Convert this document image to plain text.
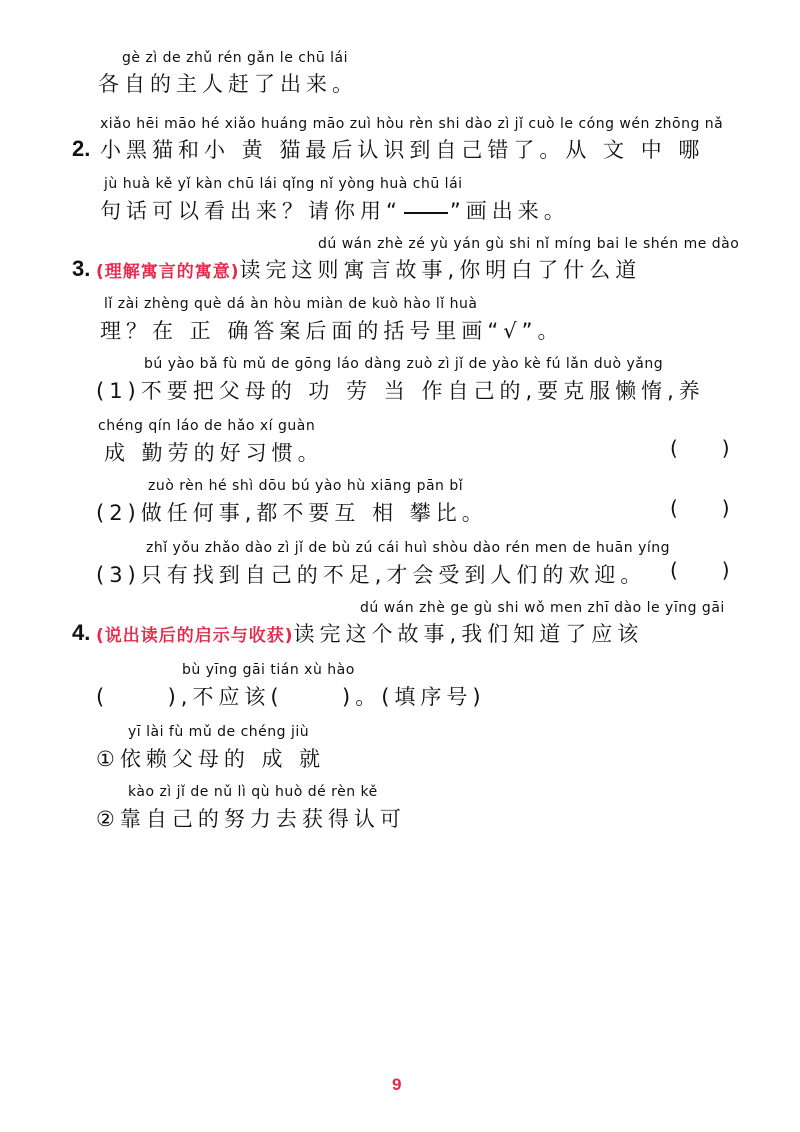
gè zì de zhǔ rén gǎn le chū lái
各自的主人赶了出来。
xiǎo hēi māo hé xiǎo huáng māo zuì hòu rèn shi dào zì jǐ cuò le cóng wén zhōng nǎ
2. 小黑猫和小 黄 猫最后认识到自己错了。从 文 中 哪
jù huà kě yǐ kàn chū lái qǐng nǐ yòng huà chū lái
句话可以看出来？请你用“ ”画出来。
dú wán zhè zé yù yán gù shi nǐ míng bai le shén me dào
3. (理解寓言的寓意)读完这则寓言故事,你明白了什么道
lǐ zài zhèng què dá àn hòu miàn de kuò hào lǐ huà
理？在 正 确答案后面的括号里画“√”。
bú yào bǎ fù mǔ de gōng láo dàng zuò zì jǐ de yào kè fú lǎn duò yǎng
(1)不要把父母的 功 劳 当 作自己的,要克服懒惰,养
chéng qín láo de hǎo xí guàn
成 勤劳的好习惯。	()
zuò rèn hé shì dōu bú yào hù xiāng pān bǐ
(2)做任何事,都不要互 相 攀比。	()
zhǐ yǒu zhǎo dào zì jǐ de bù zú cái huì shòu dào rén men de huān yíng
(3)只有找到自己的不足,才会受到人们的欢迎。 ()
dú wán zhè ge gù shi wǒ men zhī dào le yīng gāi
4. (说出读后的启示与收获)读完这个故事,我们知道了应该
bù yīng gāi tián xù hào
(     ),不应该(     )。(填序号)
yī lài fù mǔ de chéng jiù
①依赖父母的 成 就
kào zì jǐ de nǔ lì qù huò dé rèn kě
②靠自己的努力去获得认可
9
